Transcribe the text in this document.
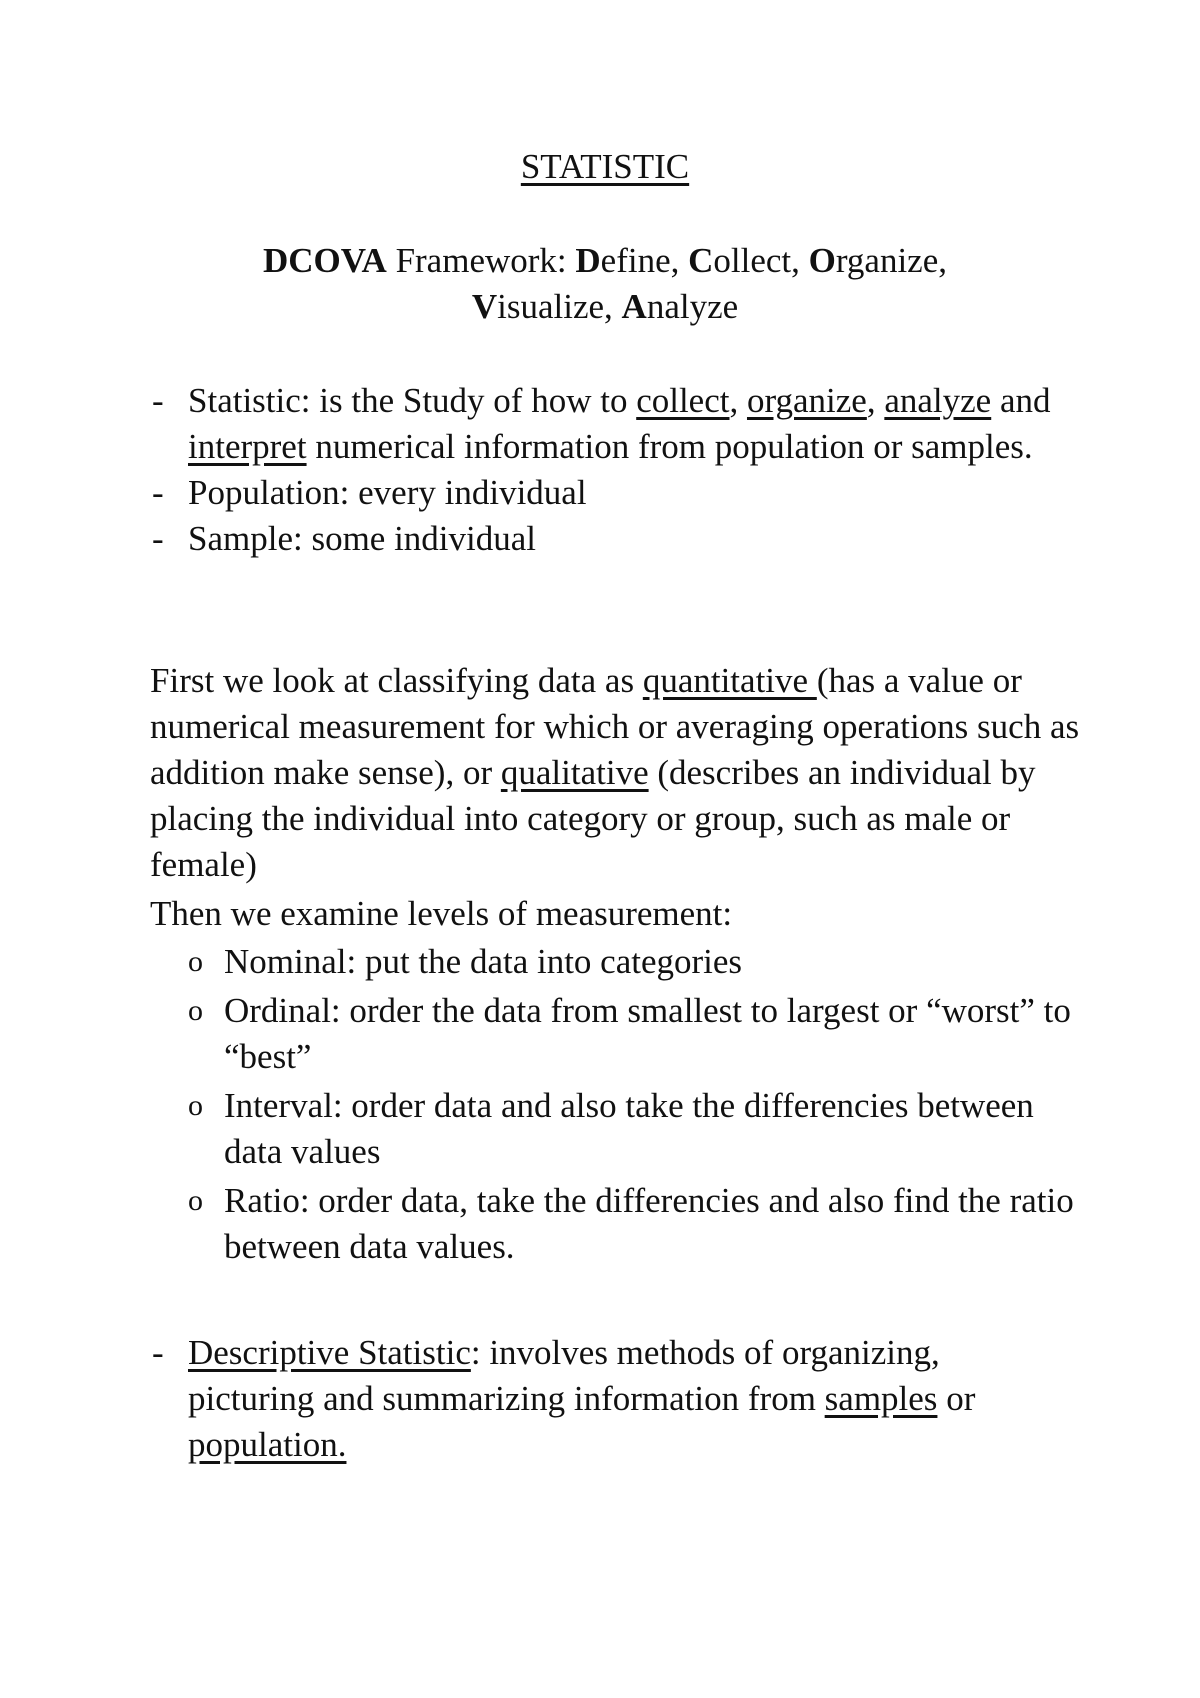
STATISTIC

DCOVA Framework: Define, Collect, Organize,
Visualize, Analyze

- Statistic: is the Study of how to collect, organize, analyze and interpret numerical information from population or samples.
- Population: every individual
- Sample: some individual

First we look at classifying data as quantitative (has a value or numerical measurement for which or averaging operations such as addition make sense), or qualitative (describes an individual by placing the individual into category or group, such as male or female)

Then we examine levels of measurement:

o Nominal: put the data into categories
o Ordinal: order the data from smallest to largest or “worst” to “best”
o Interval: order data and also take the differencies between data values
o Ratio: order data, take the differencies and also find the ratio between data values.
- Descriptive Statistic: involves methods of organizing, picturing and summarizing information from samples or population.
